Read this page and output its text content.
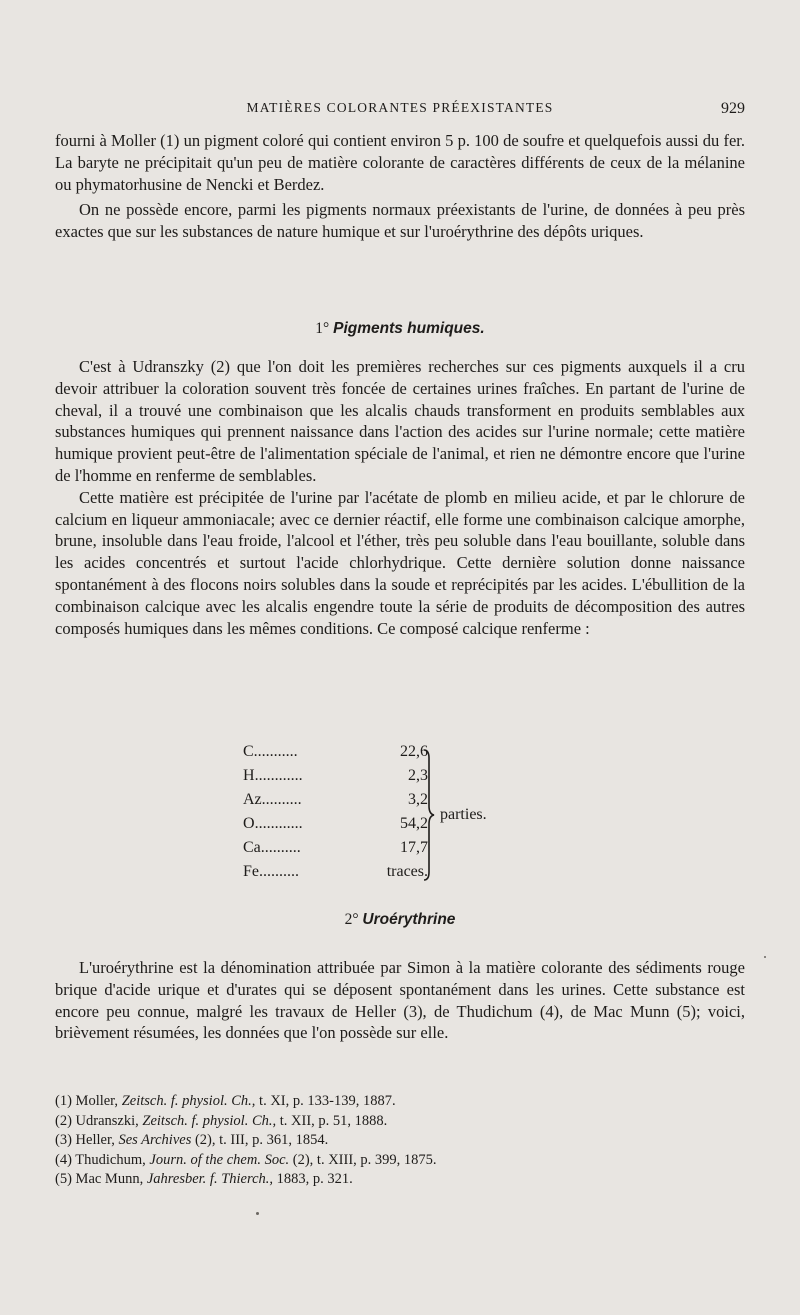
MATIÈRES COLORANTES PRÉEXISTANTES	929

fourni à Moller (1) un pigment coloré qui contient environ 5 p. 100 de soufre et quelquefois aussi du fer. La baryte ne précipitait qu'un peu de matière colorante de caractères différents de ceux de la mélanine ou phymatorhusine de Nencki et Berdez.

On ne possède encore, parmi les pigments normaux préexistants de l'urine, de données à peu près exactes que sur les substances de nature humique et sur l'uroérythrine des dépôts uriques.

1° Pigments humiques.

C'est à Udranszky (2) que l'on doit les premières recherches sur ces pigments auxquels il a cru devoir attribuer la coloration souvent très foncée de certaines urines fraîches. En partant de l'urine de cheval, il a trouvé une combinaison que les alcalis chauds transforment en produits semblables aux substances humiques qui prennent naissance dans l'action des acides sur l'urine normale; cette matière humique provient peut-être de l'alimentation spéciale de l'animal, et rien ne démontre encore que l'urine de l'homme en renferme de semblables.

Cette matière est précipitée de l'urine par l'acétate de plomb en milieu acide, et par le chlorure de calcium en liqueur ammoniacale; avec ce dernier réactif, elle forme une combinaison calcique amorphe, brune, insoluble dans l'eau froide, l'alcool et l'éther, très peu soluble dans l'eau bouillante, soluble dans les acides concentrés et surtout l'acide chlorhydrique. Cette dernière solution donne naissance spontanément à des flocons noirs solubles dans la soude et reprécipités par les acides. L'ébullition de la combinaison calcique avec les alcalis engendre toute la série de produits de décomposition des autres composés humiques dans les mêmes conditions. Ce composé calcique renferme :

C...........	22,6
H............	2,3
Az..........	3,2
O............	54,2
Ca..........	17,7
Fe..........	traces.
parties.
2° Uroérythrine

L'uroérythrine est la dénomination attribuée par Simon à la matière colorante des sédiments rouge brique d'acide urique et d'urates qui se déposent spontanément dans les urines. Cette substance est encore peu connue, malgré les travaux de Heller (3), de Thudichum (4), de Mac Munn (5); voici, brièvement résumées, les données que l'on possède sur elle.

(1) Moller, Zeitsch. f. physiol. Ch., t. XI, p. 133-139, 1887.
(2) Udranszki, Zeitsch. f. physiol. Ch., t. XII, p. 51, 1888.
(3) Heller, Ses Archives (2), t. III, p. 361, 1854.
(4) Thudichum, Journ. of the chem. Soc. (2), t. XIII, p. 399, 1875.
(5) Mac Munn, Jahresber. f. Thierch., 1883, p. 321.
